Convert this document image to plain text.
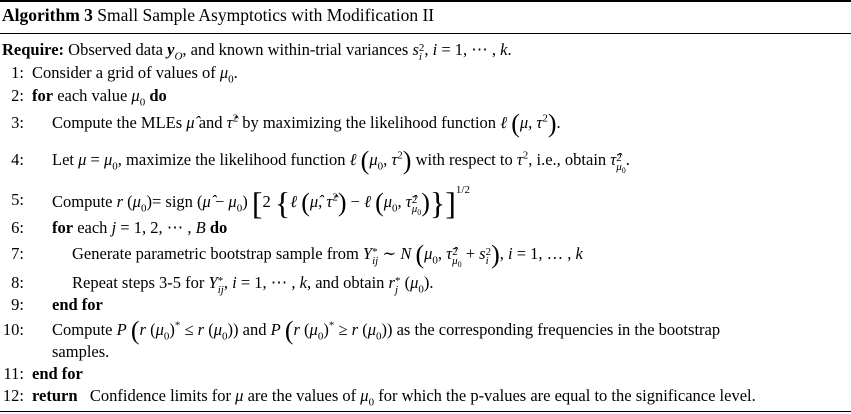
Algorithm 3 Small Sample Asymptotics with Modification II
Require: Observed data $y_O$, and known within-trial variances s 2
i , i = 1, ⋯ , k.
1: Consider a grid of values of $\mu_0$.
2: for each value $\mu_0$ do
3: Compute the MLEs μ̂ and τ̂$^2$ by maximizing the likelihood function ℓ (μ, $\tau^2$).
4: Let $\mu = \mu_0$, maximize the likelihood function ℓ ($\mu_0$, $\tau^2$) with respect to $\tau^2$, i.e., obtain τ̂ 2
$\mu_0$
.
5: Compute r $(\mu_0)=$ sign (μ̂ − $\mu_0$) [2 {ℓ (μ̂, τ̂$^2$) − ℓ ($\mu_0$, τ̂ 2
$\mu_0$ )}]$^{1/2}$
6: for each j = 1, 2, ⋯ , B do
7:	Generate parametric bootstrap sample from Y *
ij ∼ N ($\mu_0$, τ̂ 2
$\mu_0$
+ s 2
i ), i = 1, … , k
8:	Repeat steps 3-5 for Y *
ij , i = 1, ⋯ , k, and obtain r *
j $(\mu_0)$.
9: end for
10: Compute P (r $(\mu_0)^* \le r$ $(\mu_0)$) and P (r $(\mu_0)^* \ge r$ $(\mu_0)$) as the corresponding frequencies in the bootstrap
samples.
11: end for
12: return Confidence limits for μ are the values of $\mu_0$ for which the p-values are equal to the significance level.
